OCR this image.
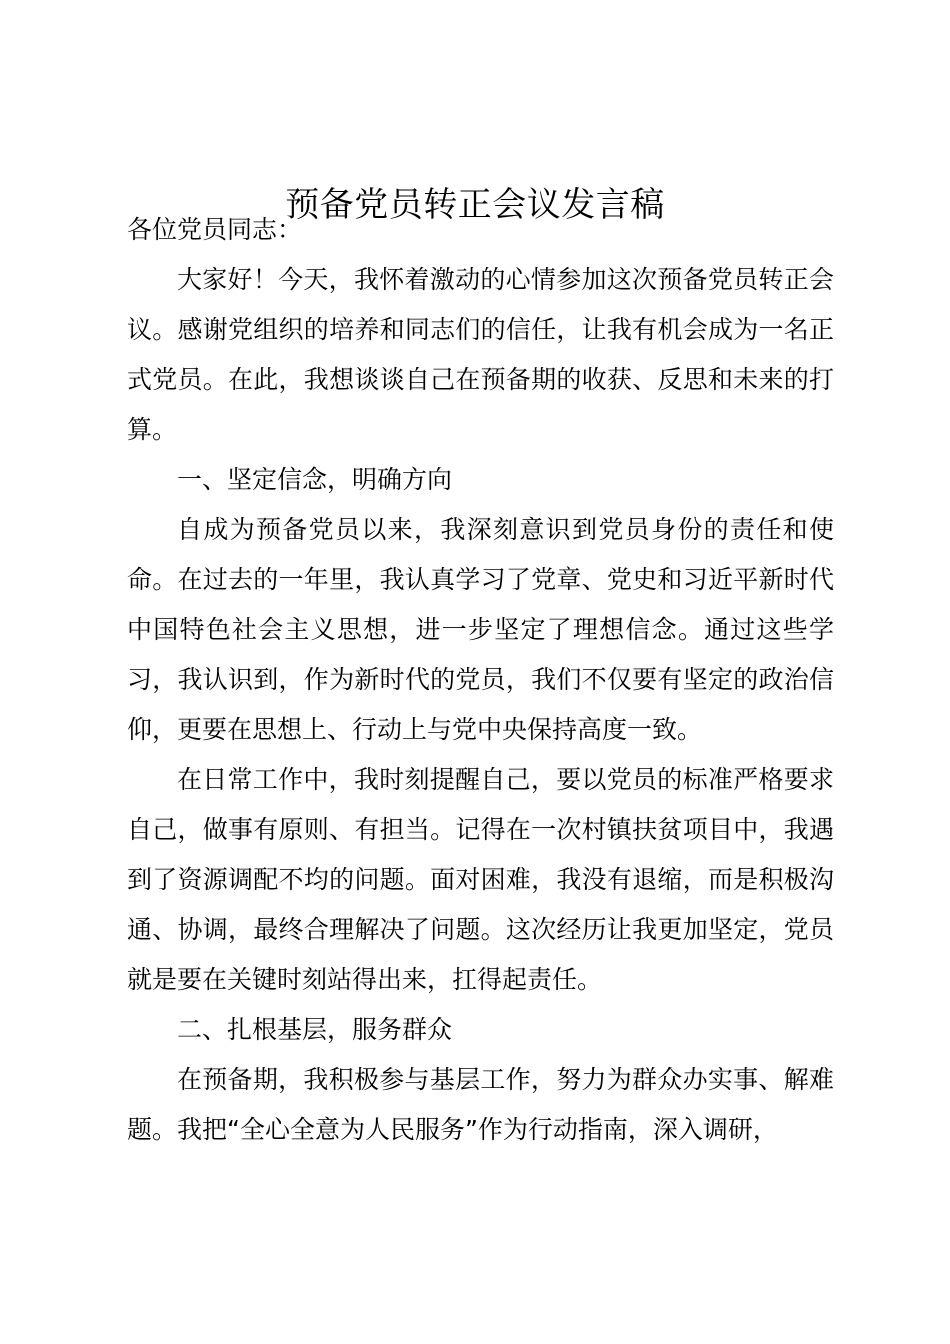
预备党员转正会议发言稿

各位党员同志：

大家好！今天，我怀着激动的心情参加这次预备党员转正会议。感谢党组织的培养和同志们的信任，让我有机会成为一名正式党员。在此，我想谈谈自己在预备期的收获、反思和未来的打算。

一、坚定信念，明确方向

自成为预备党员以来，我深刻意识到党员身份的责任和使命。在过去的一年里，我认真学习了党章、党史和习近平新时代中国特色社会主义思想，进一步坚定了理想信念。通过这些学习，我认识到，作为新时代的党员，我们不仅要有坚定的政治信仰，更要在思想上、行动上与党中央保持高度一致。

在日常工作中，我时刻提醒自己，要以党员的标准严格要求自己，做事有原则、有担当。记得在一次村镇扶贫项目中，我遇到了资源调配不均的问题。面对困难，我没有退缩，而是积极沟通、协调，最终合理解决了问题。这次经历让我更加坚定，党员就是要在关键时刻站得出来，扛得起责任。

二、扎根基层，服务群众

在预备期，我积极参与基层工作，努力为群众办实事、解难题。我把“全心全意为人民服务”作为行动指南，深入调研，
